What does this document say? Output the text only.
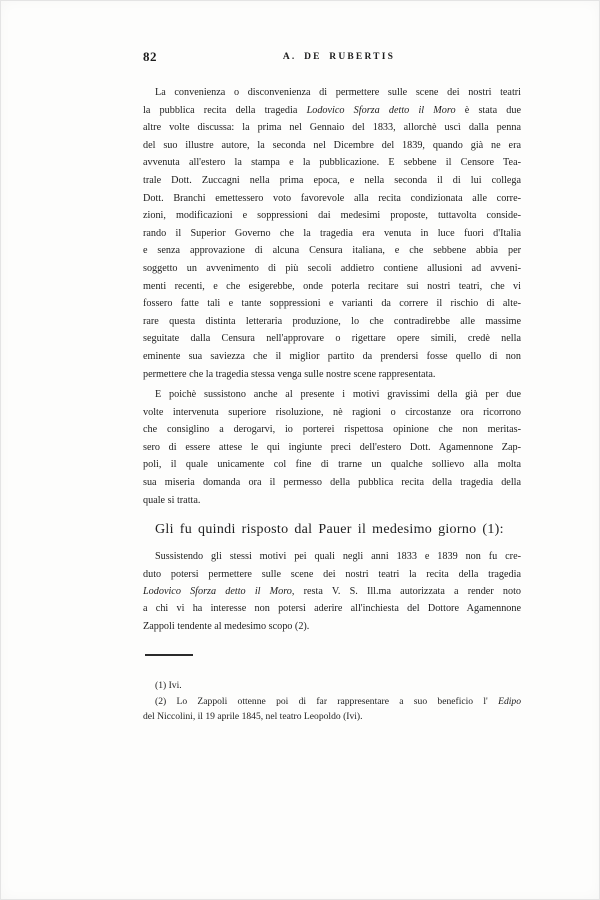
82	A. DE RUBERTIS
La convenienza o disconvenienza di permettere sulle scene dei nostri teatri
la pubblica recita della tragedia Lodovico Sforza detto il Moro è stata due
altre volte discussa: la prima nel Gennaio del 1833, allorchè uscì dalla penna
del suo illustre autore, la seconda nel Dicembre del 1839, quando già ne era
avvenuta all'estero la stampa e la pubblicazione. E sebbene il Censore Tea-
trale Dott. Zuccagni nella prima epoca, e nella seconda il di lui collega
Dott. Branchi emettessero voto favorevole alla recita condizionata alle corre-
zioni, modificazioni e soppressioni dai medesimi proposte, tuttavolta conside-
rando il Superior Governo che la tragedia era venuta in luce fuori d'Italia
e senza approvazione di alcuna Censura italiana, e che sebbene abbia per
soggetto un avvenimento di più secoli addietro contiene allusioni ad avveni-
menti recenti, e che esigerebbe, onde poterla recitare sui nostri teatri, che vi
fossero fatte tali e tante soppressioni e varianti da correre il rischio di alte-
rare questa distinta letteraria produzione, lo che contradirebbe alle massime
seguitate dalla Censura nell'approvare o rigettare opere simili, credè nella
eminente sua saviezza che il miglior partito da prendersi fosse quello di non
permettere che la tragedia stessa venga sulle nostre scene rappresentata.
E poichè sussistono anche al presente i motivi gravissimi della già per due
volte intervenuta superiore risoluzione, nè ragioni o circostanze ora ricorrono
che consiglino a derogarvi, io porterei rispettosa opinione che non meritas-
sero di essere attese le qui ingiunte preci dell'estero Dott. Agamennone Zap-
poli, il quale unicamente col fine di trarne un qualche sollievo alla molta
sua miseria domanda ora il permesso della pubblica recita della tragedia della
quale si tratta.
Gli fu quindi risposto dal Pauer il medesimo giorno (1):
Sussistendo gli stessi motivi pei quali negli anni 1833 e 1839 non fu cre-
duto potersi permettere sulle scene dei nostri teatri la recita della tragedia
Lodovico Sforza detto il Moro, resta V. S. Ill.ma autorizzata a render noto
a chi vi ha interesse non potersi aderire all'inchiesta del Dottore Agamennone
Zappoli tendente al medesimo scopo (2).
(1) Ivi.
(2) Lo Zappoli ottenne poi di far rappresentare a suo beneficio l' Edipo
del Niccolini, il 19 aprile 1845, nel teatro Leopoldo (Ivi).
